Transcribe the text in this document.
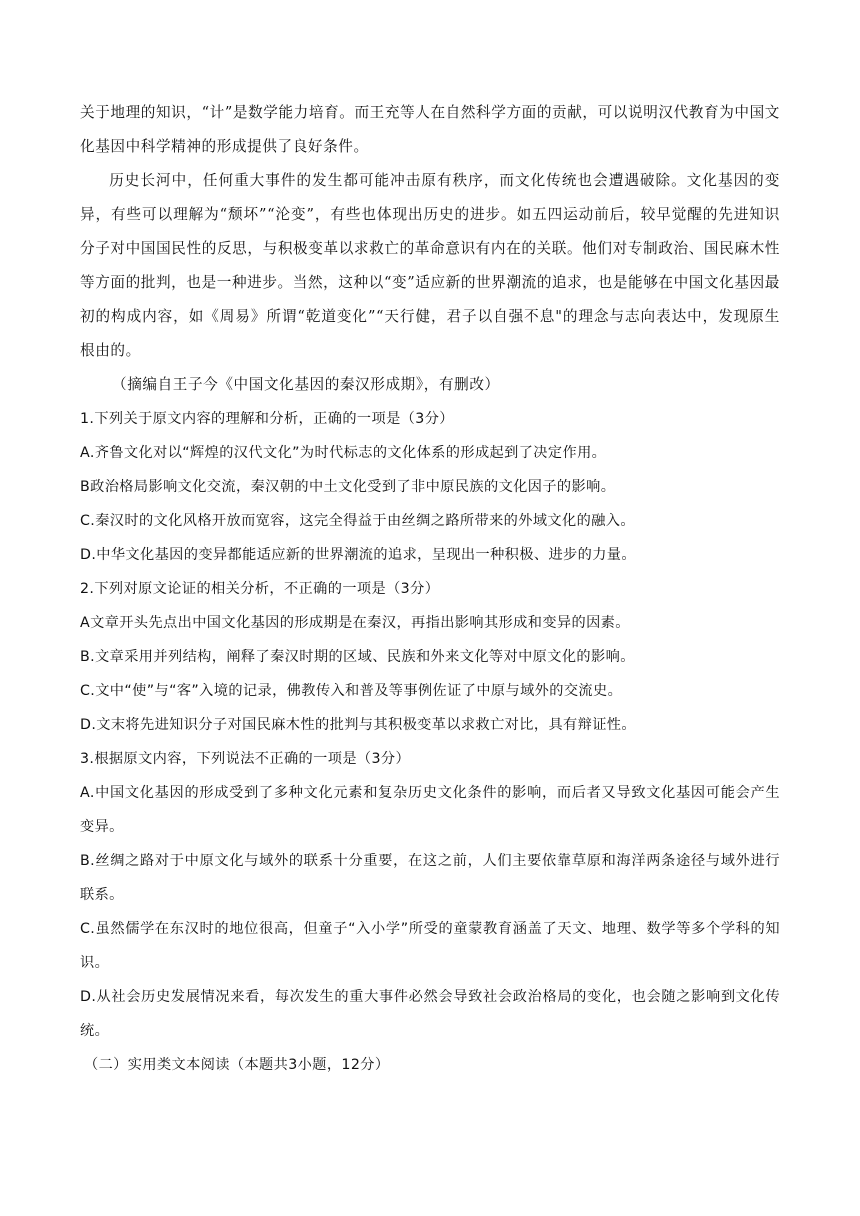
关于地理的知识，“计”是数学能力培育。而王充等人在自然科学方面的贡献，可以说明汉代教育为中国文化基因中科学精神的形成提供了良好条件。

历史长河中，任何重大事件的发生都可能冲击原有秩序，而文化传统也会遭遇破除。文化基因的变异，有些可以理解为“颓坏”“沦变”，有些也体现出历史的进步。如五四运动前后，较早觉醒的先进知识分子对中国国民性的反思，与积极变革以求救亡的革命意识有内在的关联。他们对专制政治、国民麻木性等方面的批判，也是一种进步。当然，这种以“变”适应新的世界潮流的追求，也是能够在中国文化基因最初的构成内容，如《周易》所谓“乾道变化”“天行健，君子以自强不息"的理念与志向表达中，发现原生根由的。

（摘编自王子今《中国文化基因的秦汉形成期》，有删改）

1.下列关于原文内容的理解和分析，正确的一项是（3分）

A.齐鲁文化对以“辉煌的汉代文化”为时代标志的文化体系的形成起到了决定作用。

B政治格局影响文化交流，秦汉朝的中土文化受到了非中原民族的文化因子的影响。

C.秦汉时的文化风格开放而宽容，这完全得益于由丝绸之路所带来的外域文化的融入。

D.中华文化基因的变异都能适应新的世界潮流的追求，呈现出一种积极、进步的力量。

2.下列对原文论证的相关分析，不正确的一项是（3分）

A文章开头先点出中国文化基因的形成期是在秦汉，再指出影响其形成和变异的因素。

B.文章采用并列结构，阐释了秦汉时期的区域、民族和外来文化等对中原文化的影响。

C.文中“使”与“客”入境的记录，佛教传入和普及等事例佐证了中原与域外的交流史。

D.文末将先进知识分子对国民麻木性的批判与其积极变革以求救亡对比，具有辩证性。

3.根据原文内容，下列说法不正确的一项是（3分）

A.中国文化基因的形成受到了多种文化元素和复杂历史文化条件的影响，而后者又导致文化基因可能会产生变异。

B.丝绸之路对于中原文化与域外的联系十分重要，在这之前，人们主要依靠草原和海洋两条途径与域外进行联系。

C.虽然儒学在东汉时的地位很高，但童子“入小学”所受的童蒙教育涵盖了天文、地理、数学等多个学科的知识。

D.从社会历史发展情况来看，每次发生的重大事件必然会导致社会政治格局的变化，也会随之影响到文化传统。

（二）实用类文本阅读（本题共3小题，12分）
